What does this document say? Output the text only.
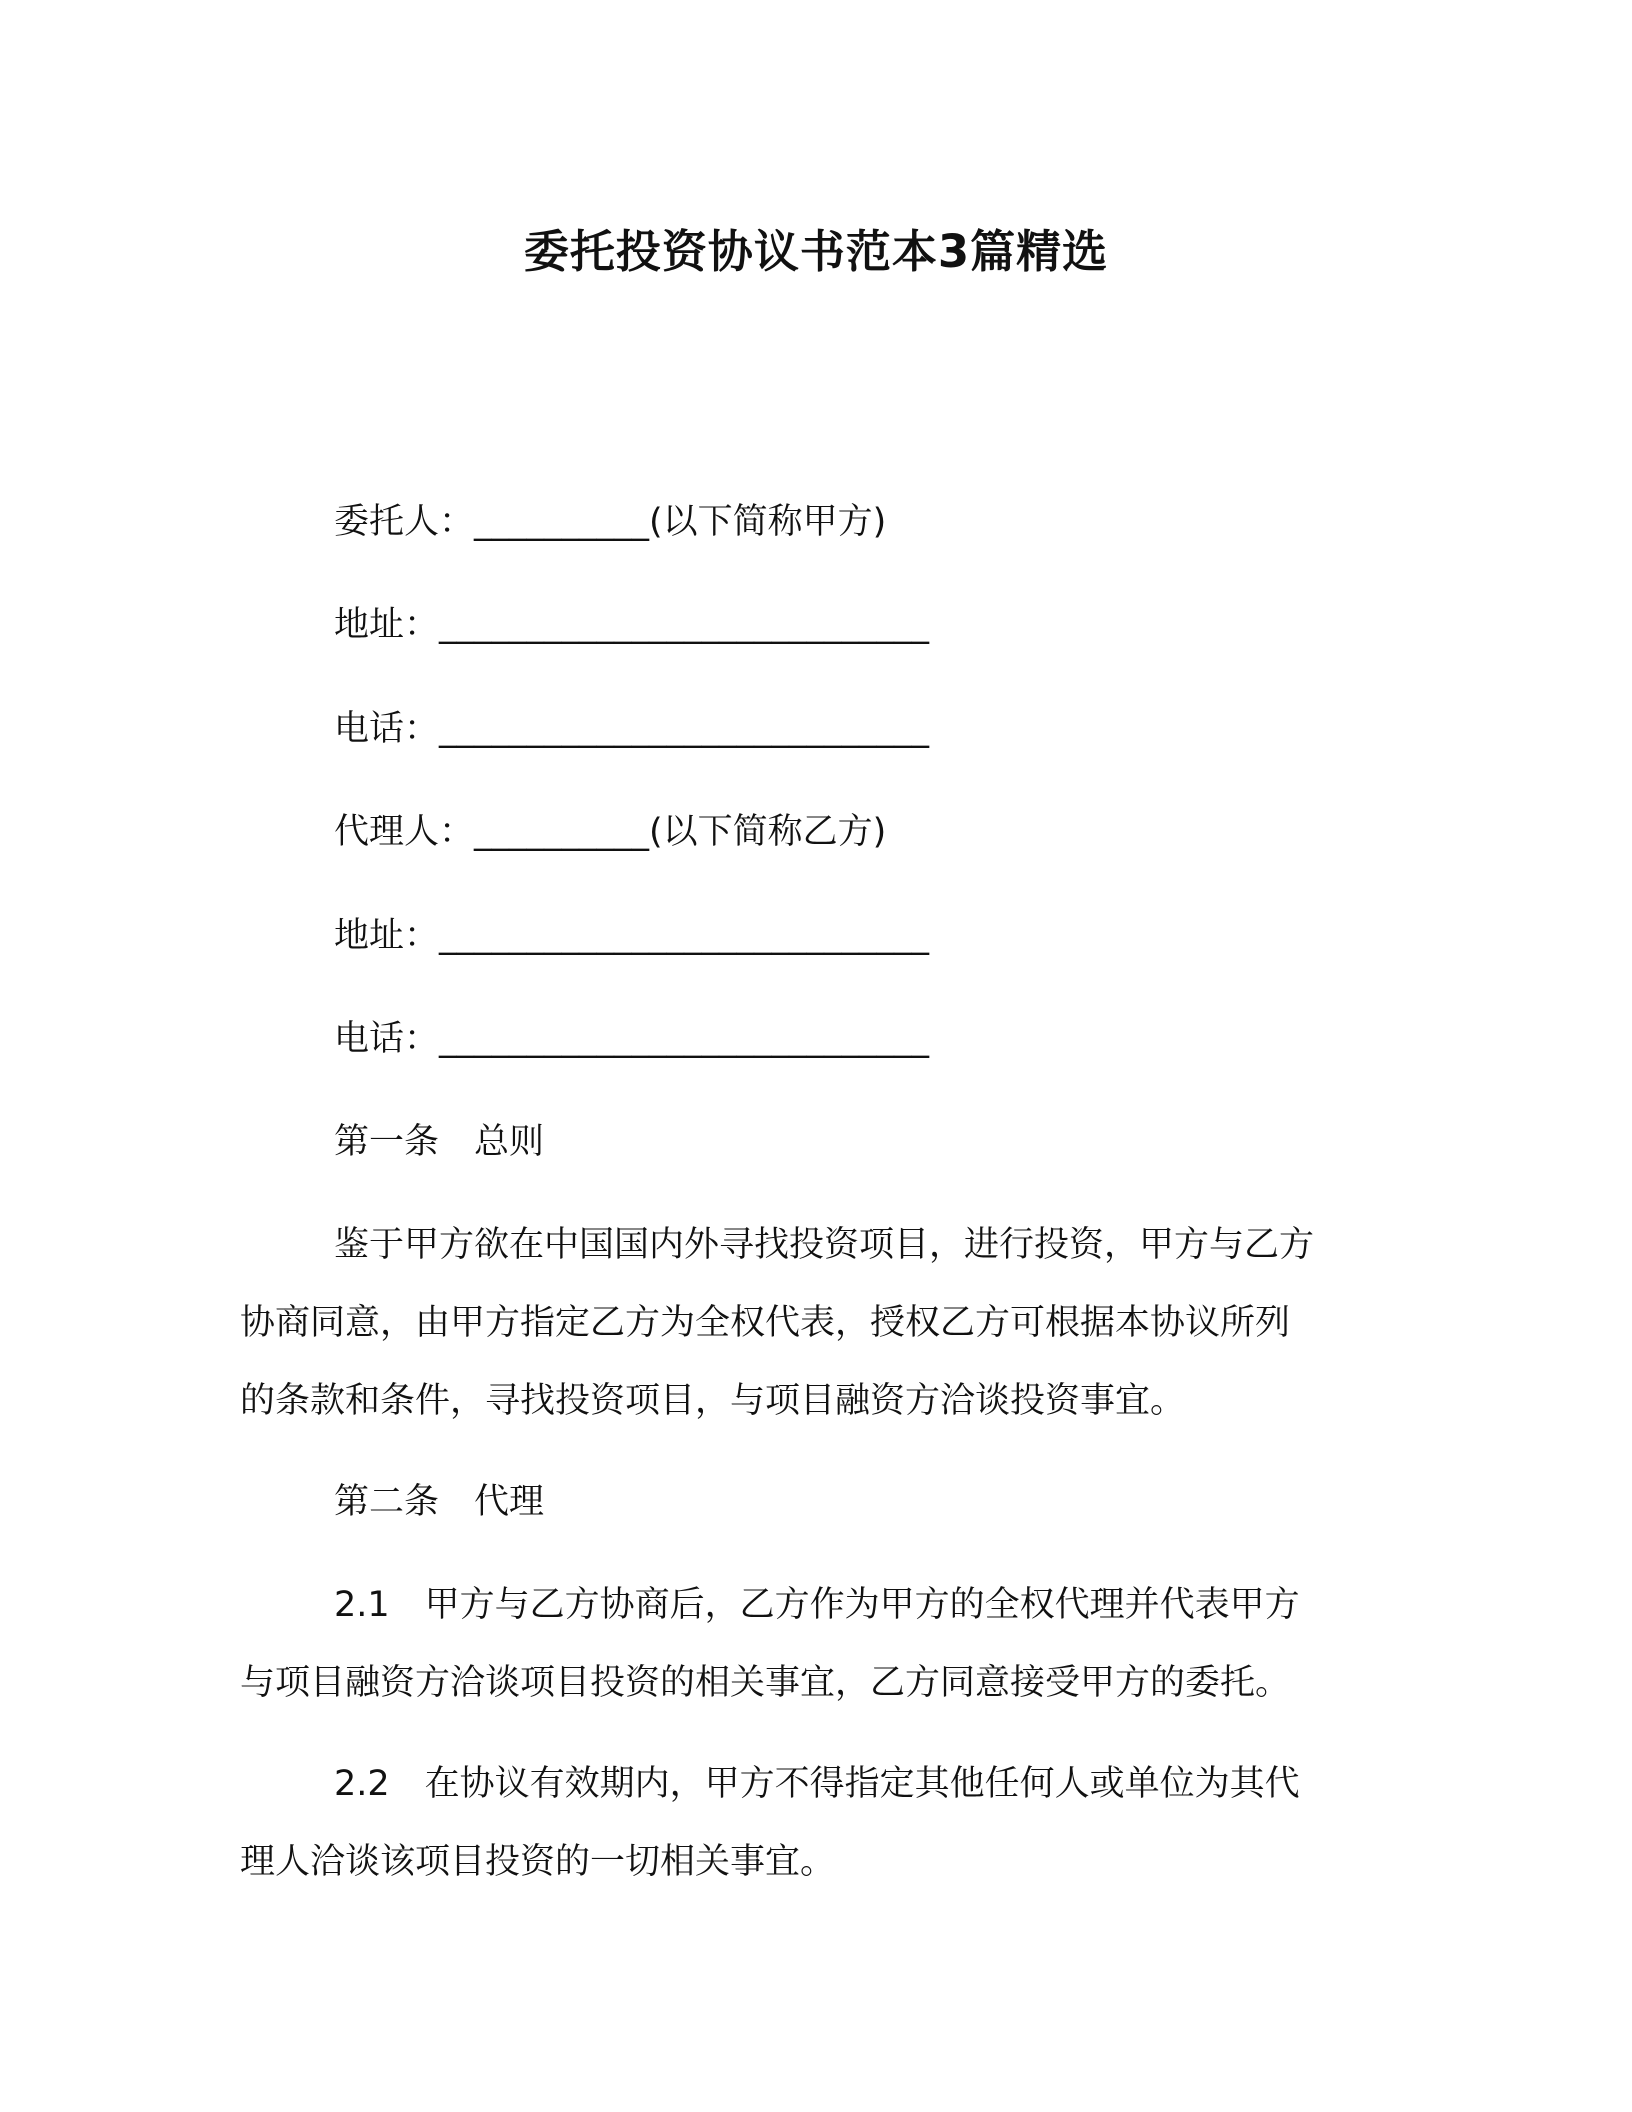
委托投资协议书范本3篇精选
委托人：__________(以下简称甲方)
地址：____________________________
电话：____________________________
代理人：__________(以下简称乙方)
地址：____________________________
电话：____________________________
第一条　总则
鉴于甲方欲在中国国内外寻找投资项目，进行投资，甲方与乙方
协商同意，由甲方指定乙方为全权代表，授权乙方可根据本协议所列
的条款和条件，寻找投资项目，与项目融资方洽谈投资事宜。
第二条　代理
2.1　甲方与乙方协商后，乙方作为甲方的全权代理并代表甲方
与项目融资方洽谈项目投资的相关事宜，乙方同意接受甲方的委托。
2.2　在协议有效期内，甲方不得指定其他任何人或单位为其代
理人洽谈该项目投资的一切相关事宜。
